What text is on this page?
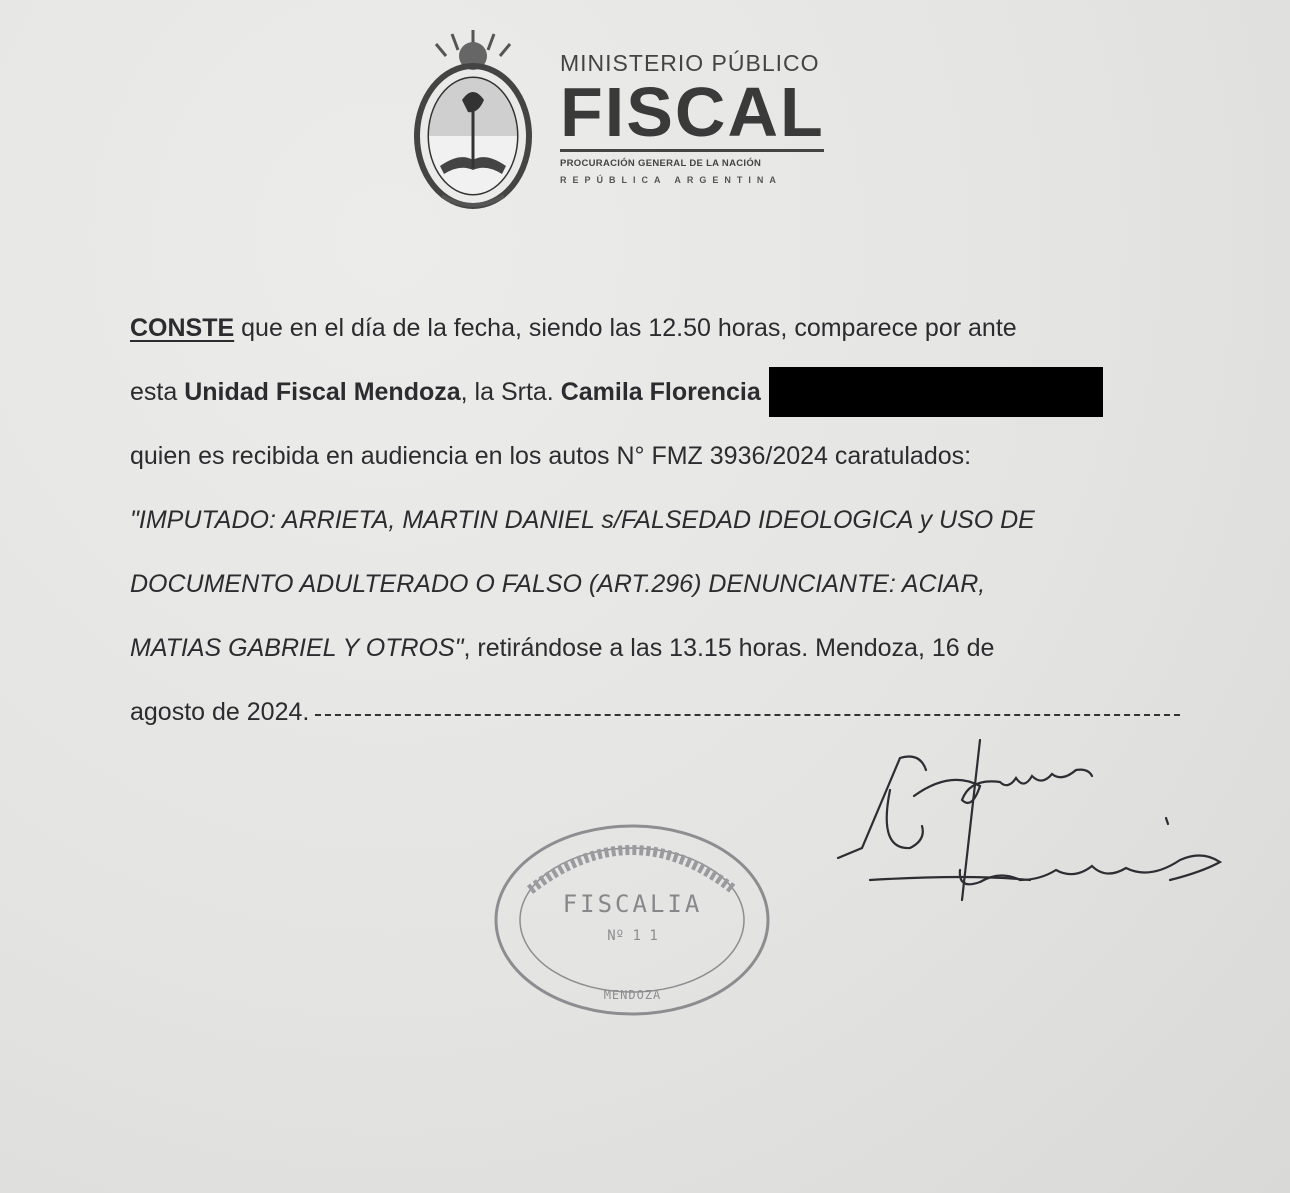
MINISTERIO PÚBLICO
FISCAL
PROCURACIÓN GENERAL DE LA NACIÓN
REPÚBLICA ARGENTINA
CONSTE que en el día de la fecha, siendo las 12.50 horas, comparece por ante
esta
Unidad Fiscal Mendoza , la Srta.
Camila Florencia
quien es recibida en audiencia en los autos N° FMZ 3936/2024 caratulados:
"IMPUTADO: ARRIETA, MARTIN DANIEL s/FALSEDAD IDEOLOGICA y USO DE
DOCUMENTO ADULTERADO O FALSO (ART.296) DENUNCIANTE: ACIAR,
MATIAS GABRIEL Y OTROS" , retirándose a las 13.15 horas. Mendoza, 16 de
agosto de 2024.
FISCALIA
Nº 1 1
MENDOZA
